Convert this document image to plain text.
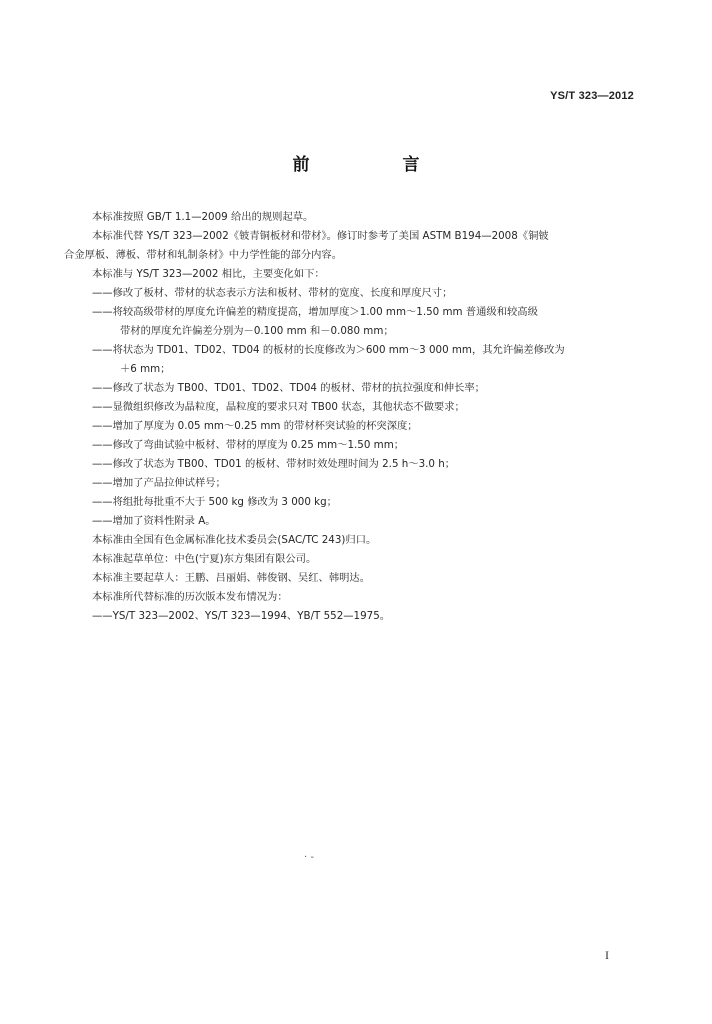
YS/T 323—2012
前　言
本标准按照 GB/T 1.1—2009 给出的规则起草。
本标准代替 YS/T 323—2002《铍青铜板材和带材》。修订时参考了美国 ASTM B194—2008《铜铍
合金厚板、薄板、带材和轧制条材》中力学性能的部分内容。
本标准与 YS/T 323—2002 相比，主要变化如下：
——修改了板材、带材的状态表示方法和板材、带材的宽度、长度和厚度尺寸；
——将较高级带材的厚度允许偏差的精度提高，增加厚度＞1.00 mm～1.50 mm 普通级和较高级
带材的厚度允许偏差分别为－0.100 mm 和－0.080 mm；
——将状态为 TD01、TD02、TD04 的板材的长度修改为＞600 mm～3 000 mm，其允许偏差修改为
＋6 mm；
——修改了状态为 TB00、TD01、TD02、TD04 的板材、带材的抗拉强度和伸长率；
——显微组织修改为晶粒度，晶粒度的要求只对 TB00 状态，其他状态不做要求；
——增加了厚度为 0.05 mm～0.25 mm 的带材杯突试验的杯突深度；
——修改了弯曲试验中板材、带材的厚度为 0.25 mm～1.50 mm；
——修改了状态为 TB00、TD01 的板材、带材时效处理时间为 2.5 h～3.0 h；
——增加了产品拉伸试样号；
——将组批每批重不大于 500 kg 修改为 3 000 kg；
——增加了资料性附录 A。
本标准由全国有色金属标准化技术委员会(SAC/TC 243)归口。
本标准起草单位：中色(宁夏)东方集团有限公司。
本标准主要起草人：王鹏、吕丽娟、韩俊钢、吴红、韩明达。
本标准所代替标准的历次版本发布情况为：
——YS/T 323—2002、YS/T 323—1994、YB/T 552—1975。
· -
I
